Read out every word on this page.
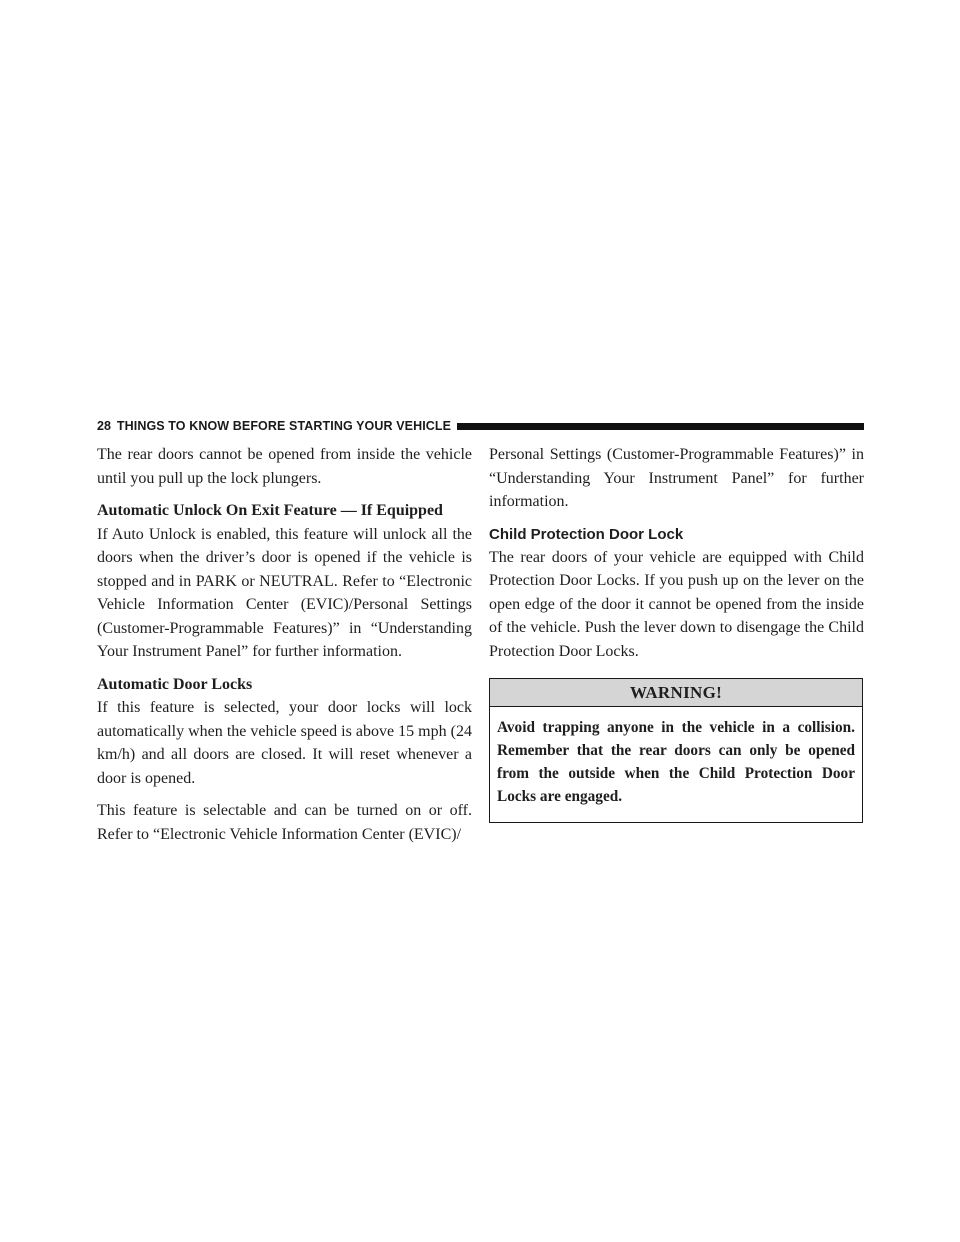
28 THINGS TO KNOW BEFORE STARTING YOUR VEHICLE

The rear doors cannot be opened from inside the vehicle until you pull up the lock plungers.

Automatic Unlock On Exit Feature — If Equipped

If Auto Unlock is enabled, this feature will unlock all the doors when the driver’s door is opened if the vehicle is stopped and in PARK or NEUTRAL. Refer to “Electronic Vehicle Information Center (EVIC)/Personal Settings (Customer-Programmable Features)” in “Understanding Your Instrument Panel” for further information.

Automatic Door Locks

If this feature is selected, your door locks will lock automatically when the vehicle speed is above 15 mph (24 km/h) and all doors are closed. It will reset whenever a door is opened.

This feature is selectable and can be turned on or off. Refer to “Electronic Vehicle Information Center (EVIC)/

Personal Settings (Customer-Programmable Features)” in “Understanding Your Instrument Panel” for further information.

Child Protection Door Lock

The rear doors of your vehicle are equipped with Child Protection Door Locks. If you push up on the lever on the open edge of the door it cannot be opened from the inside of the vehicle. Push the lever down to disengage the Child Protection Door Locks.

WARNING!
Avoid trapping anyone in the vehicle in a collision. Remember that the rear doors can only be opened from the outside when the Child Protection Door Locks are engaged.
